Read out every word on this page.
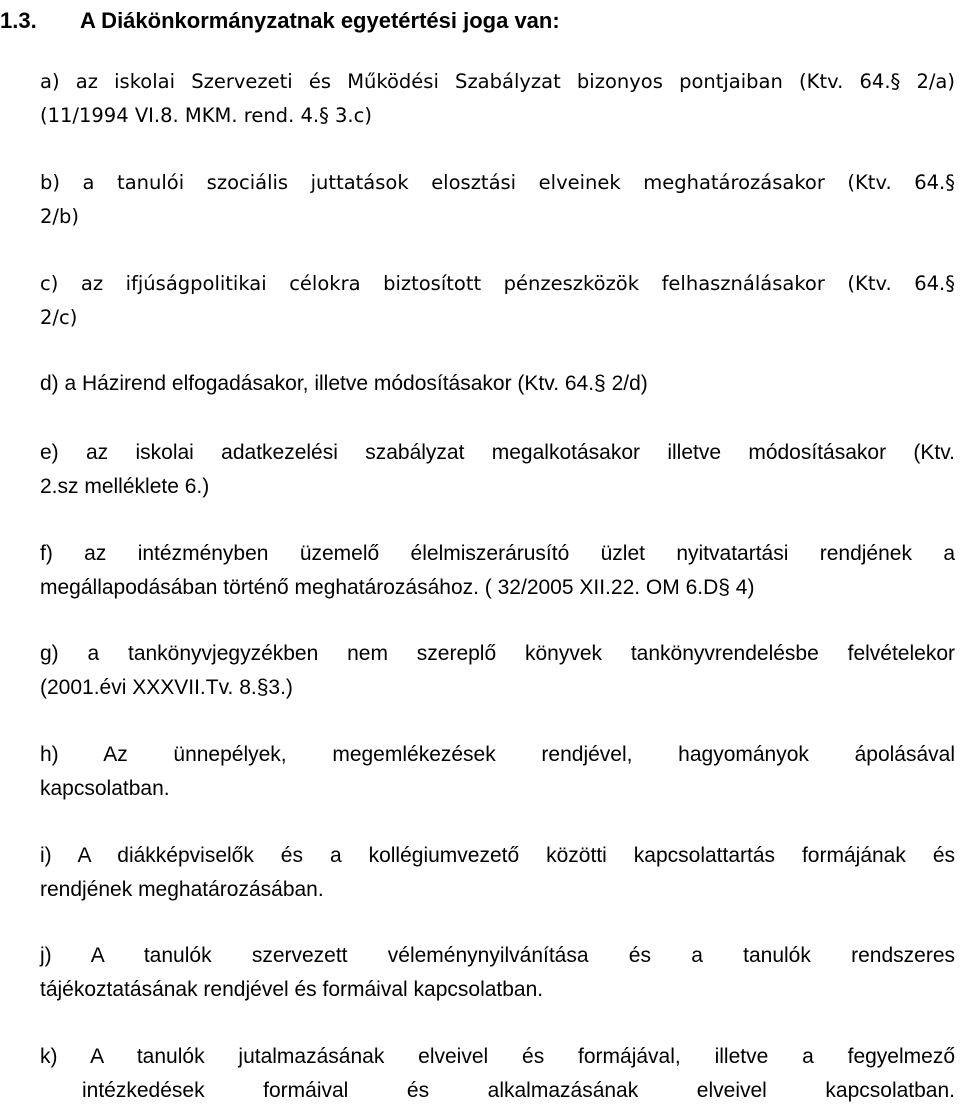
1.3. A Diákönkormányzatnak egyetértési joga van:
a) az iskolai Szervezeti és Működési Szabályzat bizonyos pontjaiban (Ktv. 64.§ 2/a)
(11/1994 VI.8. MKM. rend. 4.§ 3.c)
b) a tanulói szociális juttatások elosztási elveinek meghatározásakor (Ktv. 64.§
2/b)
c) az ifjúságpolitikai célokra biztosított pénzeszközök felhasználásakor (Ktv. 64.§
2/c)
d) a Házirend elfogadásakor, illetve módosításakor (Ktv. 64.§ 2/d)
e) az iskolai adatkezelési szabályzat megalkotásakor illetve módosításakor (Ktv.
2.sz melléklete 6.)
f) az intézményben üzemelő élelmiszerárusító üzlet nyitvatartási rendjének a
megállapodásában történő meghatározásához. ( 32/2005 XII.22. OM 6.D§ 4)
g) a tankönyvjegyzékben nem szereplő könyvek tankönyvrendelésbe felvételekor
(2001.évi XXXVII.Tv. 8.§3.)
h) Az ünnepélyek, megemlékezések rendjével, hagyományok ápolásával
kapcsolatban.
i) A diákképviselők és a kollégiumvezető közötti kapcsolattartás formájának és
rendjének meghatározásában.
j) A tanulók szervezett véleménynyilvánítása és a tanulók rendszeres
tájékoztatásának rendjével és formáival kapcsolatban.
k) A tanulók jutalmazásának elveivel és formájával, illetve a fegyelmező
intézkedések formáival és alkalmazásának elveivel kapcsolatban.
